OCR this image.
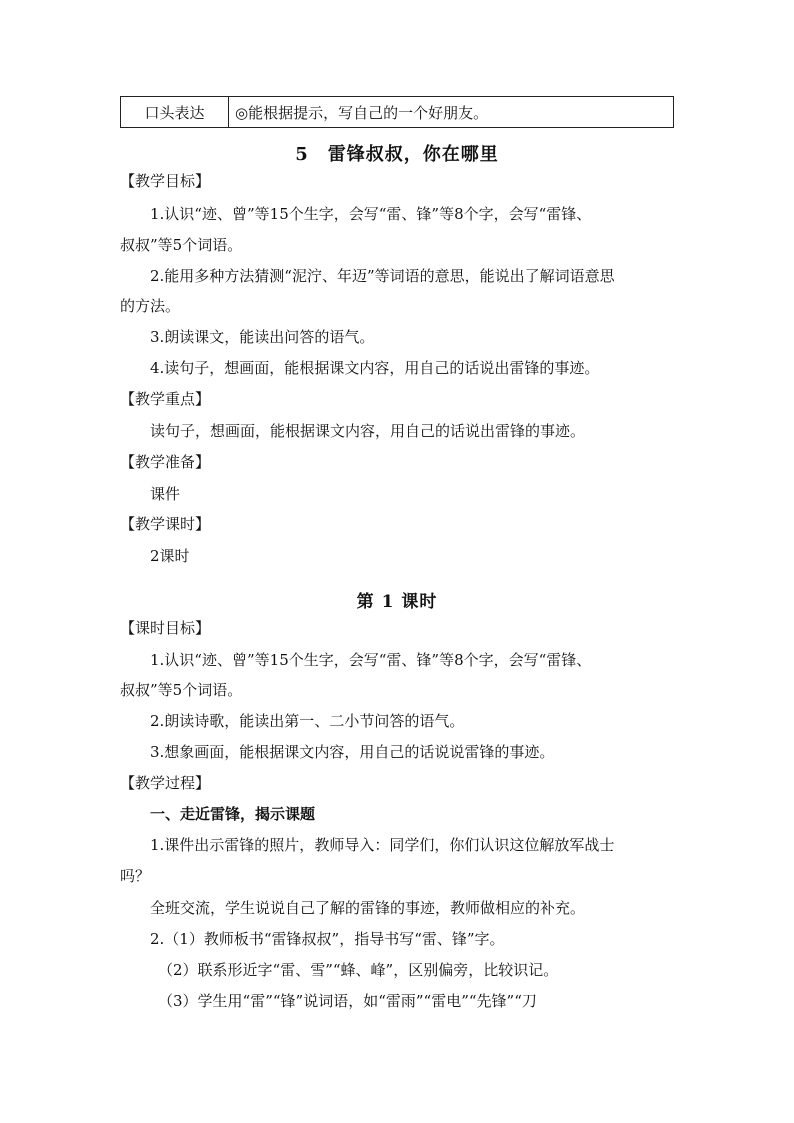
口头表达	◎能根据提示，写自己的一个好朋友。
5　雷锋叔叔，你在哪里
【教学目标】
1.认识“迹、曾”等15个生字，会写“雷、锋”等8个字，会写“雷锋、
叔叔”等5个词语。
2.能用多种方法猜测“泥泞、年迈”等词语的意思，能说出了解词语意思
的方法。
3.朗读课文，能读出问答的语气。
4.读句子，想画面，能根据课文内容，用自己的话说出雷锋的事迹。
【教学重点】
读句子，想画面，能根据课文内容，用自己的话说出雷锋的事迹。
【教学准备】
课件
【教学课时】
2课时
第 1 课时
【课时目标】
1.认识“迹、曾”等15个生字，会写“雷、锋”等8个字，会写“雷锋、
叔叔”等5个词语。
2.朗读诗歌，能读出第一、二小节问答的语气。
3.想象画面，能根据课文内容，用自己的话说说雷锋的事迹。
【教学过程】
一、走近雷锋，揭示课题
1.课件出示雷锋的照片，教师导入：同学们，你们认识这位解放军战士
吗？
全班交流，学生说说自己了解的雷锋的事迹，教师做相应的补充。
2.（1）教师板书“雷锋叔叔”，指导书写“雷、锋”字。
（2）联系形近字“雷、雪”“蜂、峰”，区别偏旁，比较识记。
（3）学生用“雷”“锋”说词语，如“雷雨”“雷电”“先锋”“刀
